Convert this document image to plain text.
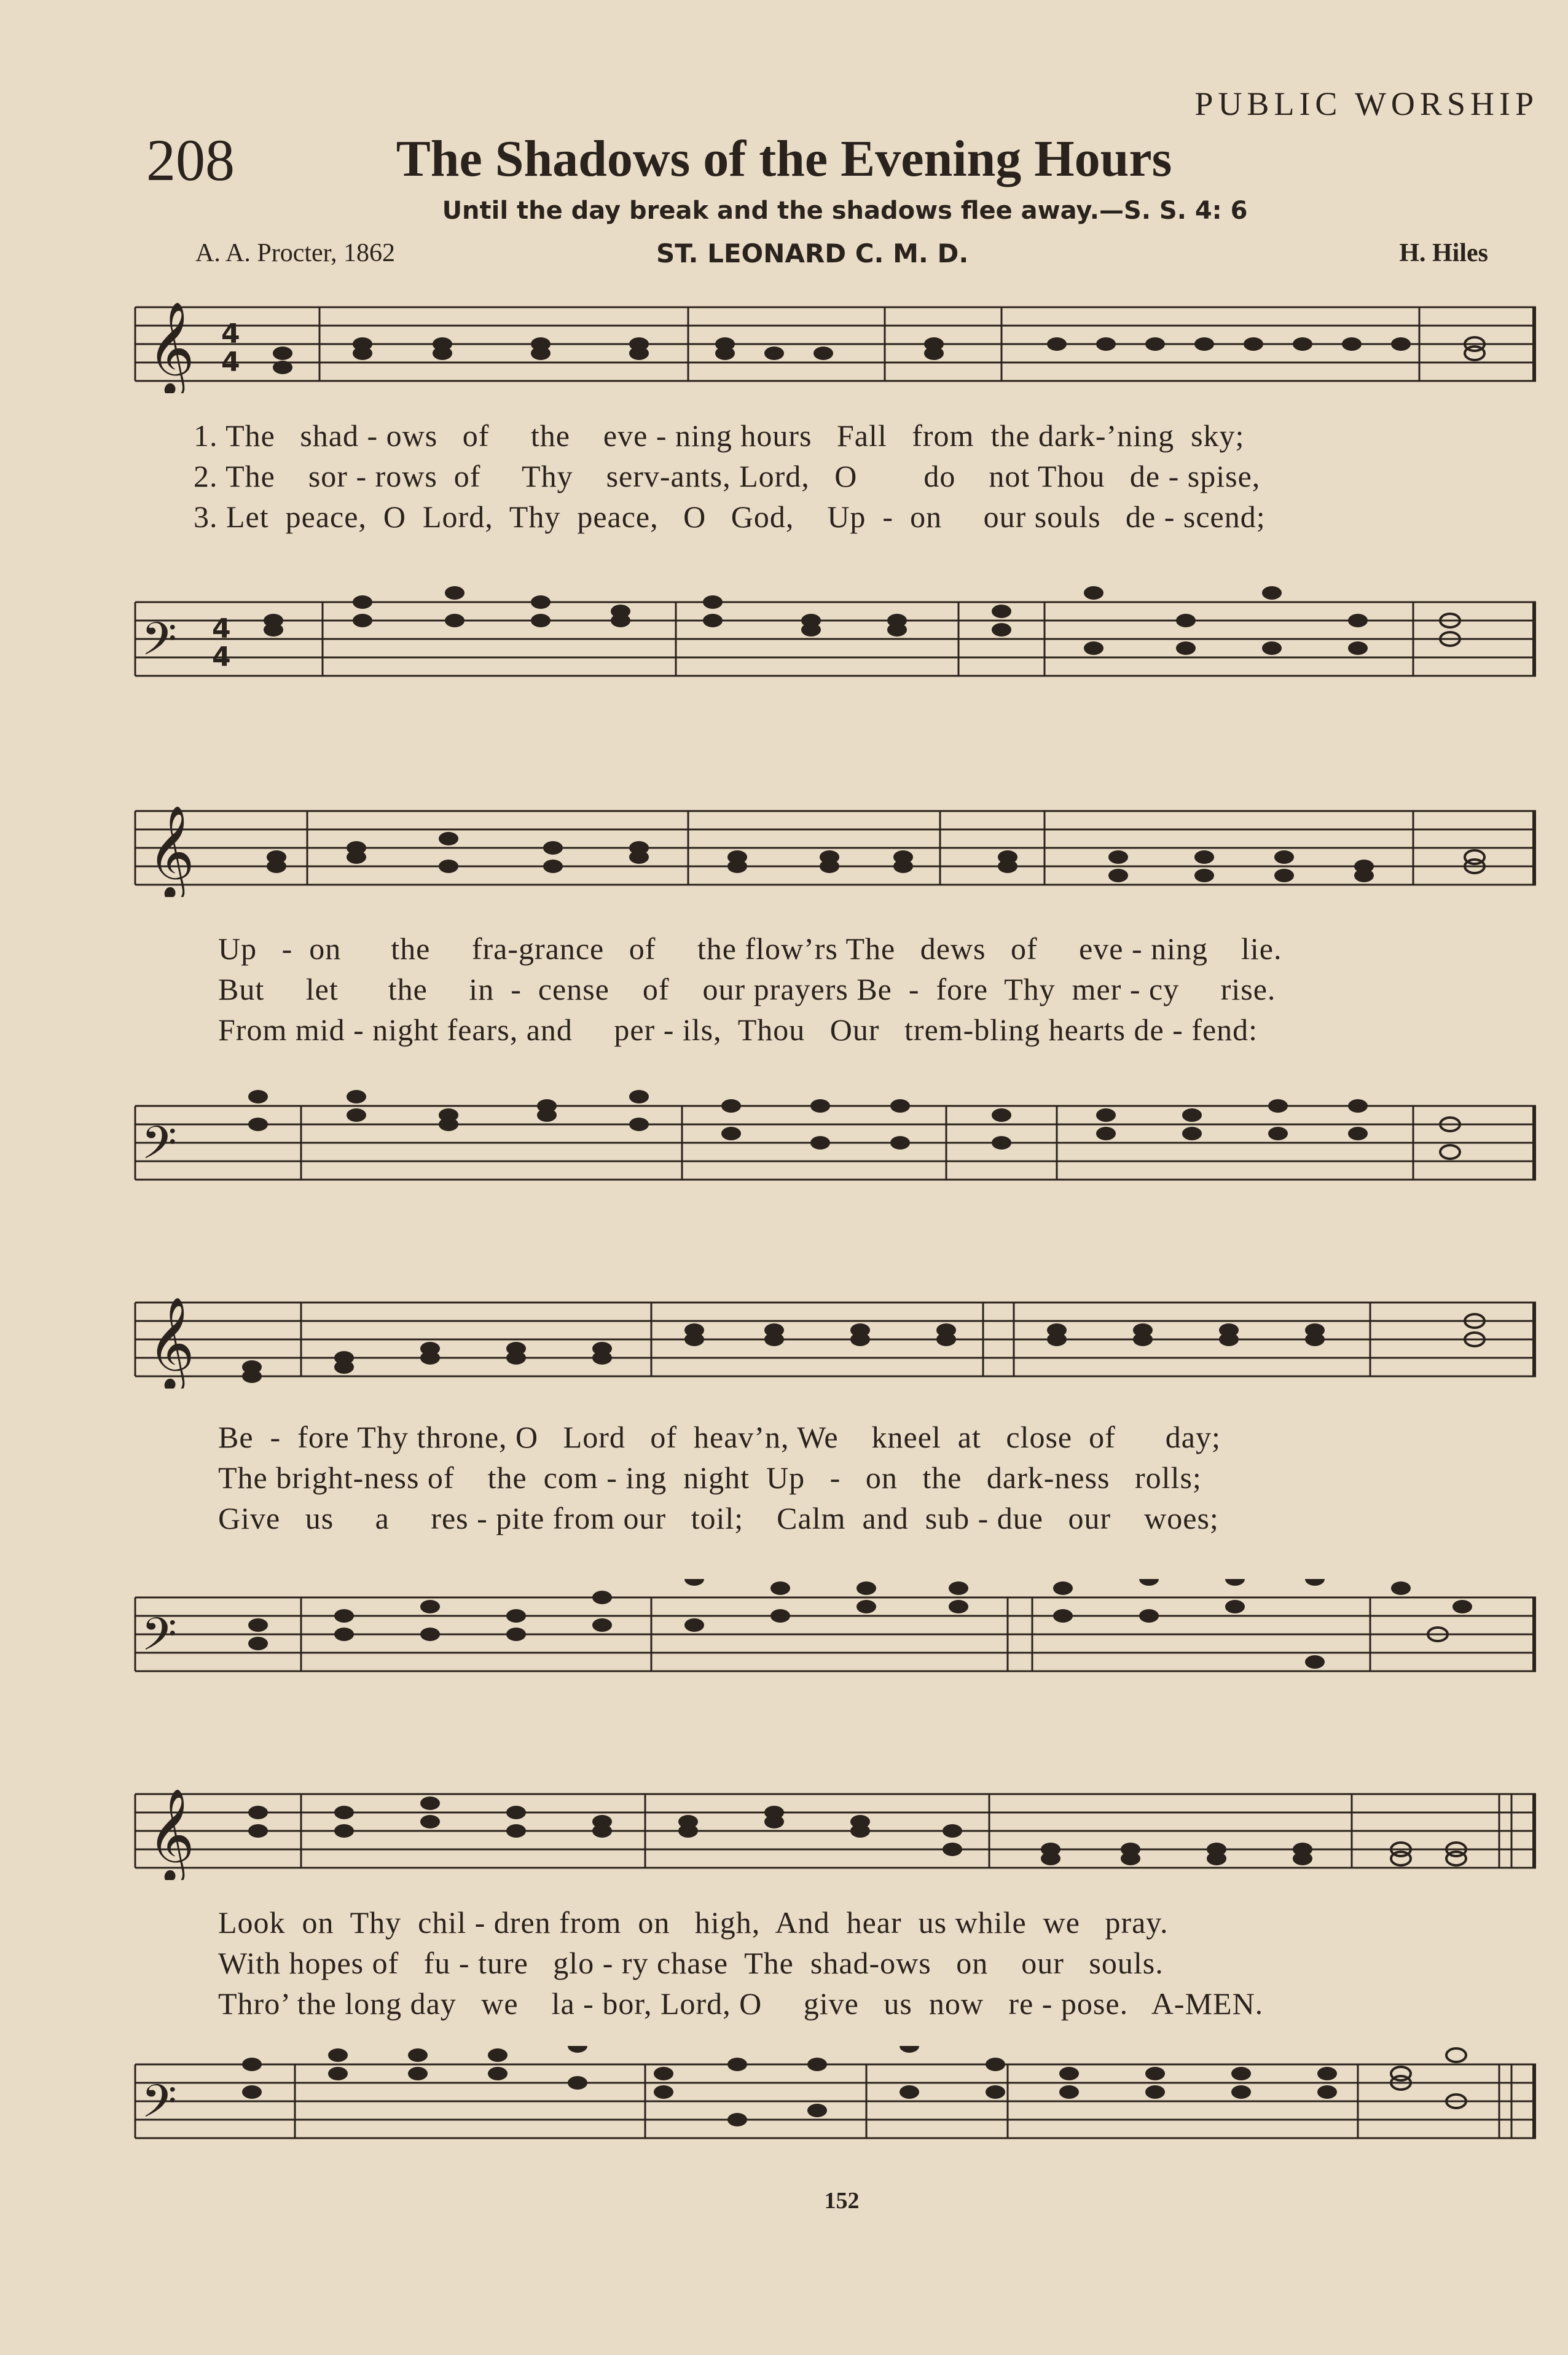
PUBLIC WORSHIP
208	The Shadows of the Evening Hours
Until the day break and the shadows flee away.—S. S. 4: 6
A. A. Procter, 1862	ST. LEONARD C. M. D.	H. Hiles
𝄞 4
4
1. The   shad - ows   of     the    eve - ning hours   Fall   from  the dark-’ning  sky;
2. The    sor - rows  of     Thy    serv-ants, Lord,   O        do    not Thou   de - spise,
3. Let  peace,  O  Lord,  Thy  peace,   O   God,    Up  -  on     our souls   de - scend;
𝄢 4
4
𝄞
Up   -  on      the     fra-grance   of     the flow’rs The   dews   of     eve - ning    lie.
But     let      the     in  -  cense    of    our prayers Be  -  fore  Thy  mer - cy     rise.
From mid - night fears, and     per - ils,  Thou   Our   trem-bling hearts de - fend:
𝄢
𝄞
Be  -  fore Thy throne, O   Lord   of  heav’n, We    kneel  at   close  of      day;
The bright-ness of    the  com - ing  night  Up   -   on   the   dark-ness   rolls;
Give   us     a     res - pite from our   toil;    Calm  and  sub - due   our    woes;
𝄢
𝄞
Look  on  Thy  chil - dren from  on   high,  And  hear  us while  we   pray.
With hopes of   fu - ture   glo - ry chase  The  shad-ows   on    our   souls.
Thro’ the long day   we    la - bor, Lord, O     give   us  now   re - pose.   A-MEN.
𝄢
152
